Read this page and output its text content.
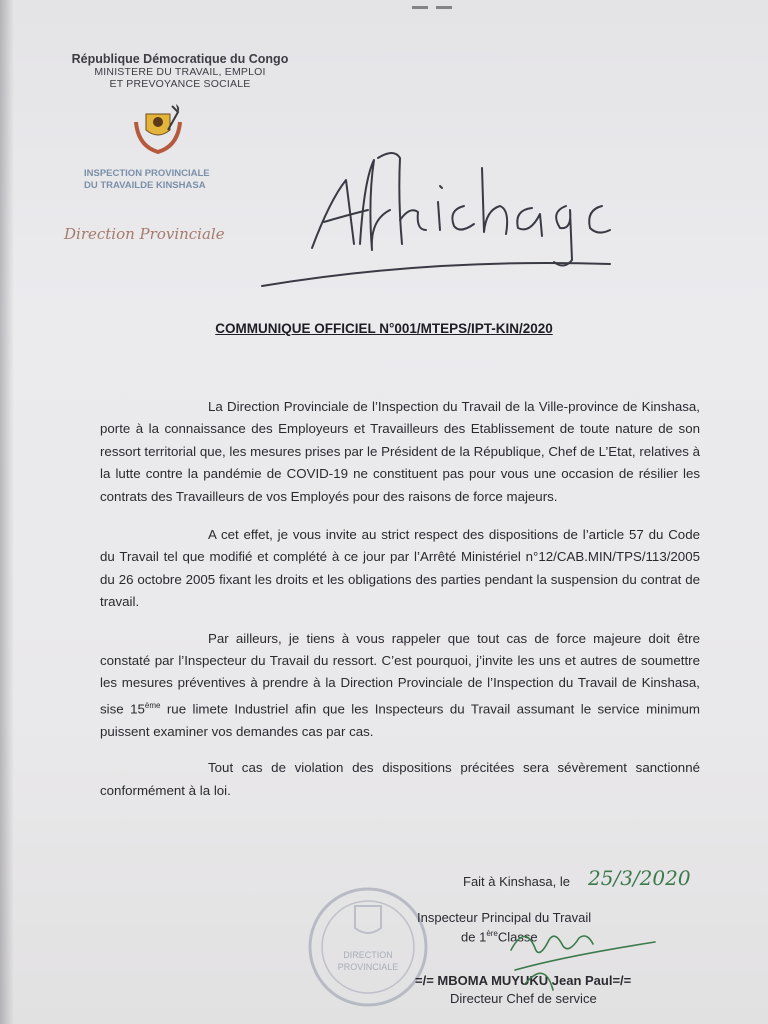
République Démocratique du Congo
MINISTERE DU TRAVAIL, EMPLOI
ET PREVOYANCE SOCIALE
INSPECTION PROVINCIALE
DU TRAVAILDE KINSHASA
Direction Provinciale
COMMUNIQUE OFFICIEL N°001/MTEPS/IPT-KIN/2020

La Direction Provinciale de l’Inspection du Travail de la Ville-province de Kinshasa, porte à la connaissance des Employeurs et Travailleurs des Etablissement de toute nature de son ressort territorial que, les mesures prises par le Président de la République, Chef de L’Etat, relatives à la lutte contre la pandémie de COVID-19 ne constituent pas pour vous une occasion de résilier les contrats des Travailleurs de vos Employés pour des raisons de force majeurs.

A cet effet, je vous invite au strict respect des dispositions de l’article 57 du Code du Travail tel que modifié et complété à ce jour par l’Arrêté Ministériel n°12/CAB.MIN/TPS/113/2005 du 26 octobre 2005 fixant les droits et les obligations des parties pendant la suspension du contrat de travail.

Par ailleurs, je tiens à vous rappeler que tout cas de force majeure doit être constaté par l’Inspecteur du Travail du ressort. C’est pourquoi, j’invite les uns et autres de soumettre les mesures préventives à prendre à la Direction Provinciale de l’Inspection du Travail de Kinshasa, sise 15ème rue limete Industriel afin que les Inspecteurs du Travail assumant le service minimum puissent examiner vos demandes cas par cas.

Tout cas de violation des dispositions précitées sera sévèrement sanctionné conformément à la loi.

Fait à Kinshasa, le 25/3/2020
DIRECTION
PROVINCIALE
Inspecteur Principal du Travail
de 1èreClasse
=/= MBOMA MUYUKU Jean Paul=/=
Directeur Chef de service
